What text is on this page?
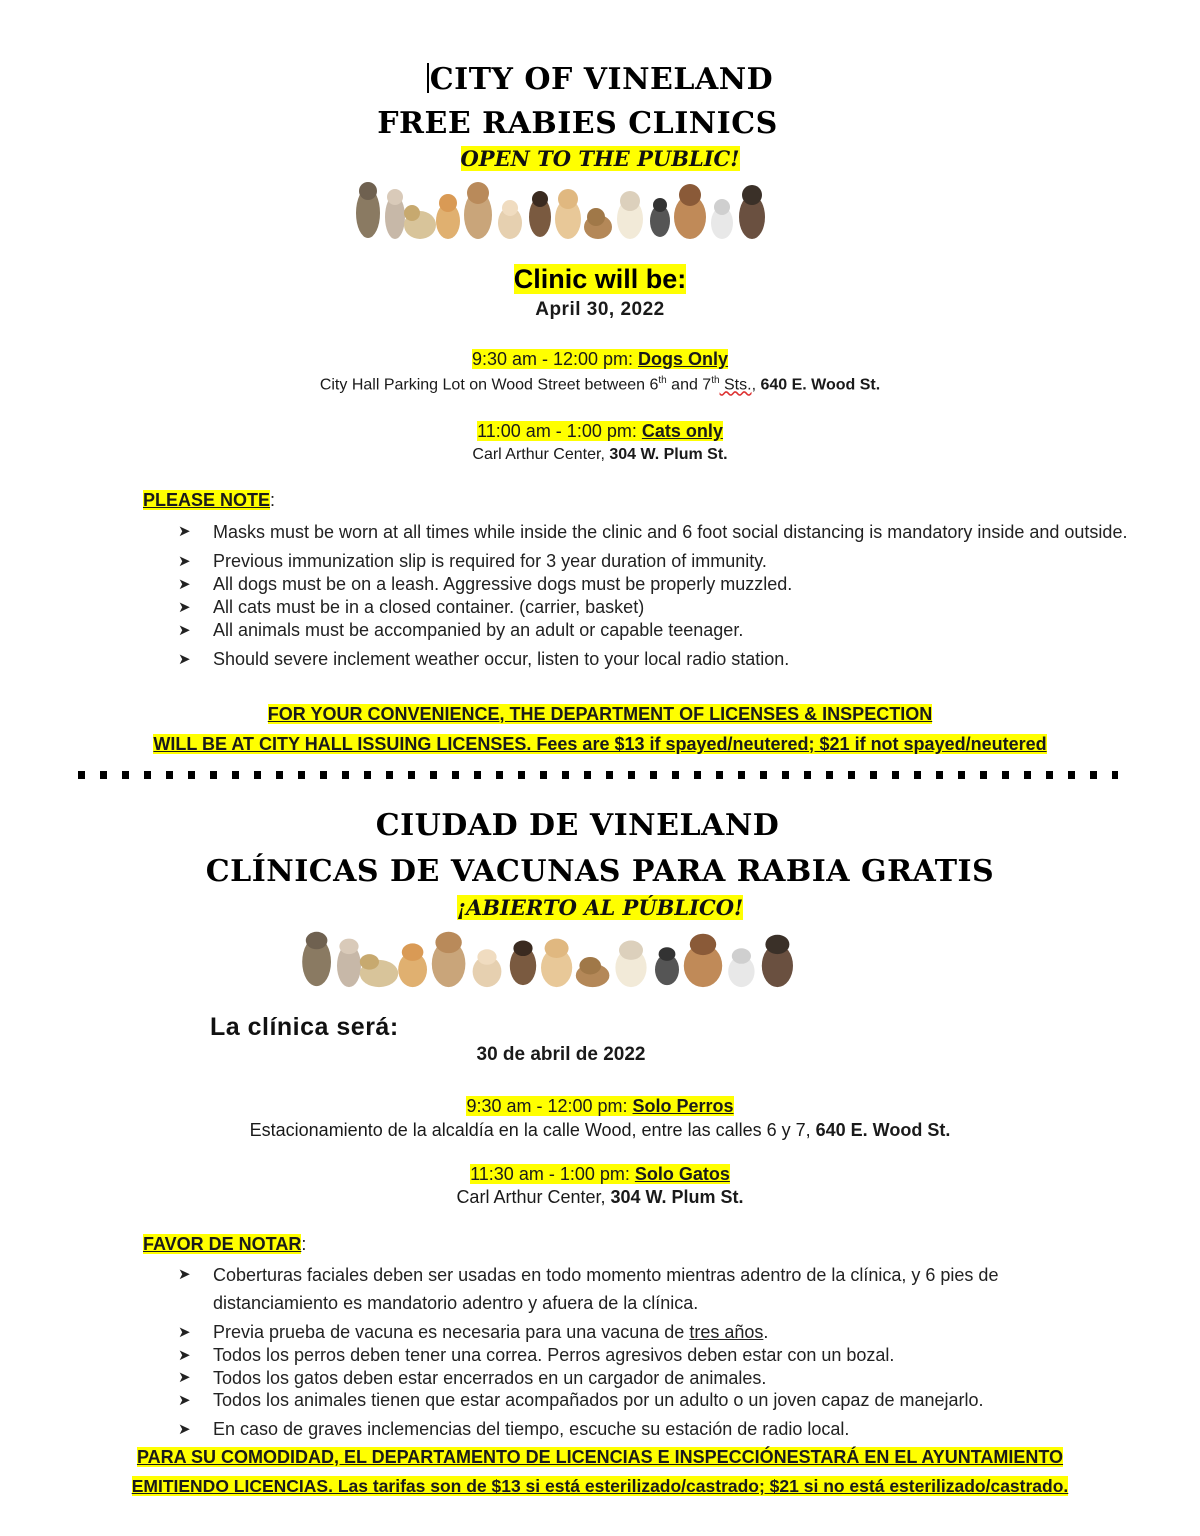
CITY OF VINELAND
FREE RABIES CLINICS
OPEN TO THE PUBLIC!
Clinic will be:
April 30, 2022
9:30 am - 12:00 pm: Dogs Only
City Hall Parking Lot on Wood Street between 6th and 7th Sts., 640 E. Wood St.
11:00 am - 1:00 pm: Cats only
Carl Arthur Center, 304 W. Plum St.
PLEASE NOTE:
➤ Masks must be worn at all times while inside the clinic and 6 foot social distancing is mandatory inside and outside.
➤ Previous immunization slip is required for 3 year duration of immunity.
➤ All dogs must be on a leash. Aggressive dogs must be properly muzzled.
➤ All cats must be in a closed container. (carrier, basket)
➤ All animals must be accompanied by an adult or capable teenager.
➤ Should severe inclement weather occur, listen to your local radio station.
FOR YOUR CONVENIENCE, THE DEPARTMENT OF LICENSES & INSPECTION
WILL BE AT CITY HALL ISSUING LICENSES. Fees are $13 if spayed/neutered; $21 if not spayed/neutered
CIUDAD DE VINELAND
CLÍNICAS DE VACUNAS PARA RABIA GRATIS
¡ABIERTO AL PÚBLICO!
La clínica será:
30 de abril de 2022
9:30 am - 12:00 pm: Solo Perros
Estacionamiento de la alcaldía en la calle Wood, entre las calles 6 y 7, 640 E. Wood St.
11:30 am - 1:00 pm: Solo Gatos
Carl Arthur Center, 304 W. Plum St.
FAVOR DE NOTAR:
➤ Coberturas faciales deben ser usadas en todo momento mientras adentro de la clínica, y 6 pies de distanciamiento es mandatorio adentro y afuera de la clínica.
➤ Previa prueba de vacuna es necesaria para una vacuna de tres años.
➤ Todos los perros deben tener una correa. Perros agresivos deben estar con un bozal.
➤ Todos los gatos deben estar encerrados en un cargador de animales.
➤ Todos los animales tienen que estar acompañados por un adulto o un joven capaz de manejarlo.
➤ En caso de graves inclemencias del tiempo, escuche su estación de radio local.
PARA SU COMODIDAD, EL DEPARTAMENTO DE LICENCIAS E INSPECCIÓNESTARÁ EN EL AYUNTAMIENTO
EMITIENDO LICENCIAS. Las tarifas son de $13 si está esterilizado/castrado; $21 si no está esterilizado/castrado.
